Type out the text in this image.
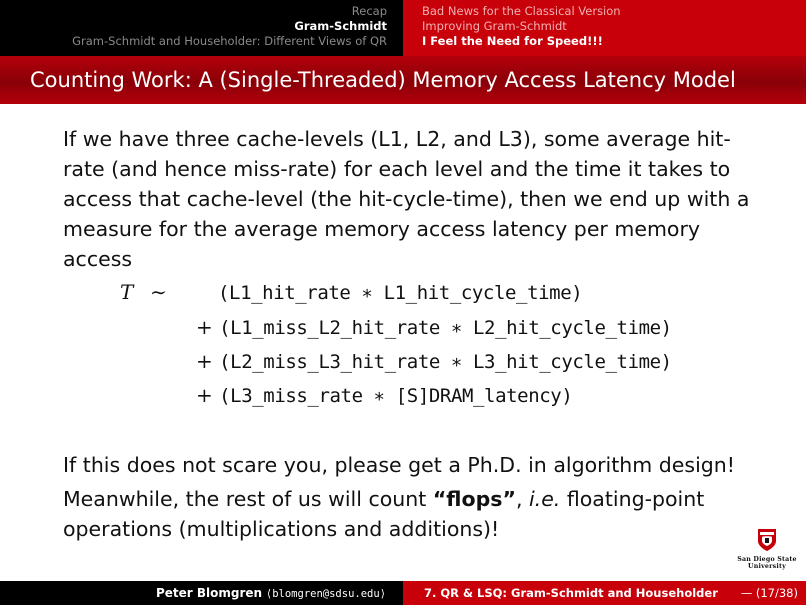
Recap
Gram-Schmidt
Gram-Schmidt and Householder: Different Views of QR
Bad News for the Classical Version
Improving Gram-Schmidt
I Feel the Need for Speed!!!
Counting Work: A (Single-Threaded) Memory Access Latency Model

If we have three cache-levels (L1, L2, and L3), some average hit-rate (and hence miss-rate) for each level and the time it takes to access that cache-level (the hit-cycle-time), then we end up with a measure for the average memory access latency per memory access

T ∼	(L1_hit_rate ∗ L1_hit_cycle_time)
+ (L1_miss_L2_hit_rate ∗ L2_hit_cycle_time)
+ (L2_miss_L3_hit_rate ∗ L3_hit_cycle_time)
+ (L3_miss_rate ∗ [S]DRAM_latency)

If this does not scare you, please get a Ph.D. in algorithm design!

Meanwhile, the rest of us will count “flops”, i.e. floating-point operations (multiplications and additions)!

San Diego State
University
Peter Blomgren ⟨blomgren@sdsu.edu⟩	7. QR & LSQ: Gram-Schmidt and Householder — (17/38)
